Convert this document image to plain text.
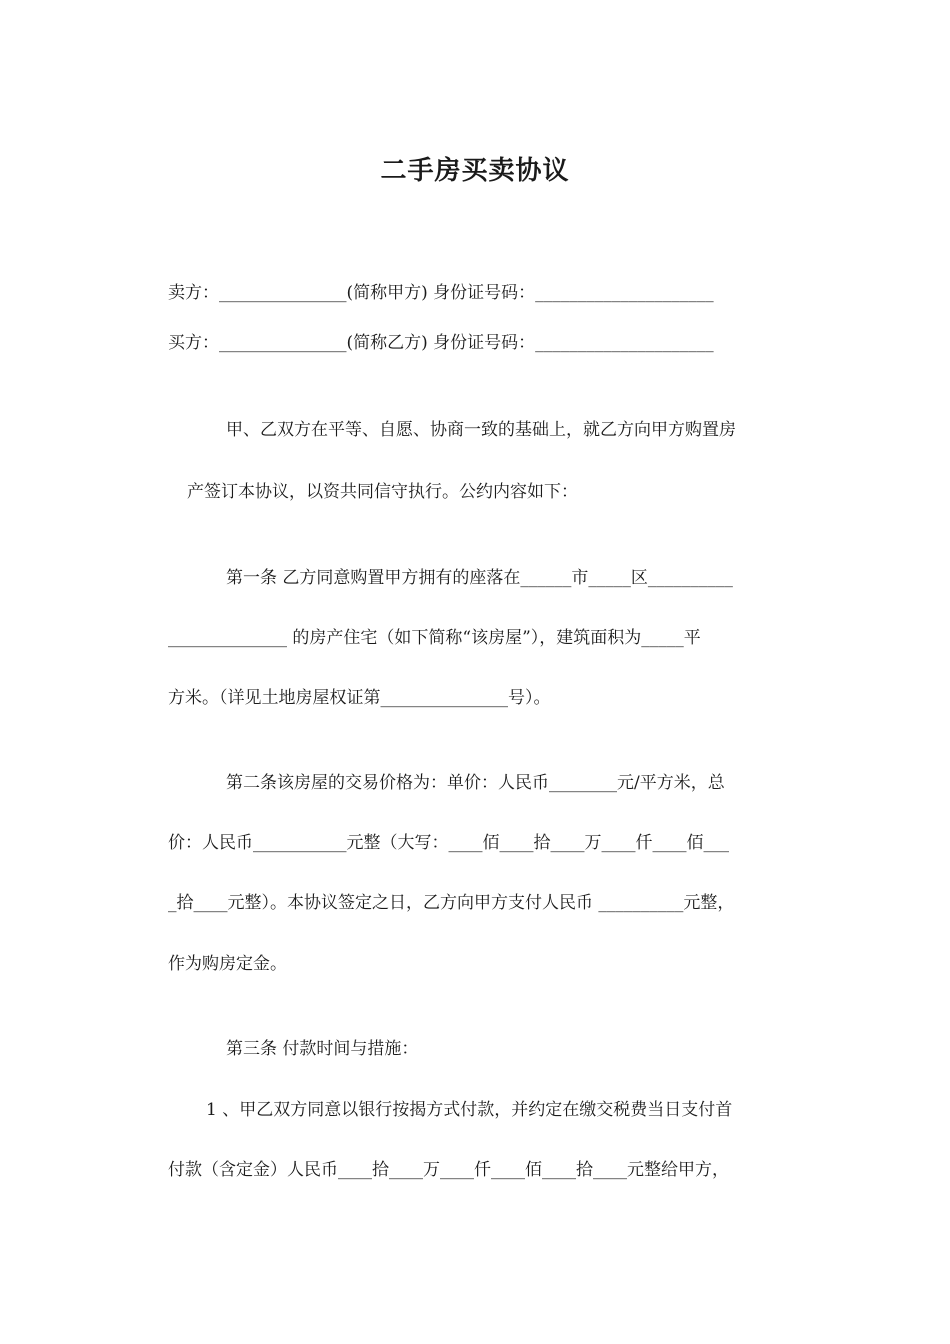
二手房买卖协议
卖方：_______________(简称甲方) 身份证号码：_____________________
买方：_______________(简称乙方) 身份证号码：_____________________
甲、乙双方在平等、自愿、协商一致的基础上，就乙方向甲方购置房
产签订本协议，以资共同信守执行。公约内容如下：
第一条 乙方同意购置甲方拥有的座落在______市_____区__________
______________ 的房产住宅（如下简称“该房屋”），建筑面积为_____平
方米。（详见土地房屋权证第_______________号）。
第二条该房屋的交易价格为：单价：人民币________元/平方米，总
价：人民币___________元整（大写：____佰____拾____万____仟____佰___
_拾____元整）。本协议签定之日，乙方向甲方支付人民币 __________元整，
作为购房定金。
第三条 付款时间与措施：
1 、甲乙双方同意以银行按揭方式付款，并约定在缴交税费当日支付首
付款（含定金）人民币____拾____万____仟____佰____拾____元整给甲方，
